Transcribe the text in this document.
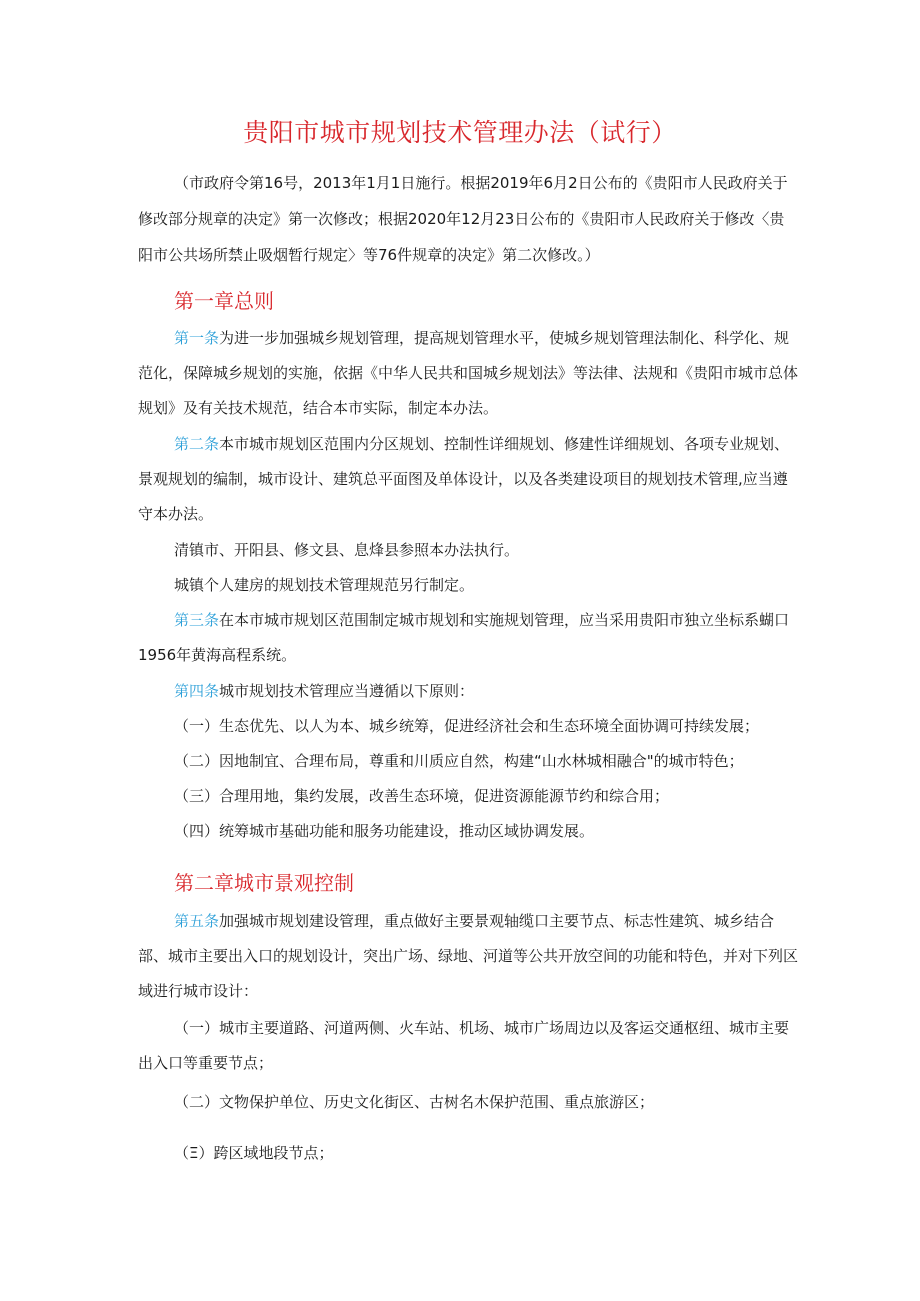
贵阳市城市规划技术管理办法（试行）
（市政府令第16号，2013年1月1日施行。根据2019年6月2日公布的《贵阳市人民政府关于修改部分规章的决定》第一次修改；根据2020年12月23日公布的《贵阳市人民政府关于修改〈贵阳市公共场所禁止吸烟暂行规定〉等76件规章的决定》第二次修改。）
第一章总则
第一条为进一步加强城乡规划管理，提高规划管理水平，使城乡规划管理法制化、科学化、规范化，保障城乡规划的实施，依据《中华人民共和国城乡规划法》等法律、法规和《贵阳市城市总体规划》及有关技术规范，结合本市实际，制定本办法。
第二条本市城市规划区范围内分区规划、控制性详细规划、修建性详细规划、各项专业规划、景观规划的编制，城市设计、建筑总平面图及单体设计，以及各类建设项目的规划技术管理,应当遵守本办法。
清镇市、开阳县、修文县、息烽县参照本办法执行。
城镇个人建房的规划技术管理规范另行制定。
第三条在本市城市规划区范围制定城市规划和实施规划管理，应当采用贵阳市独立坐标系蝴口1956年黄海高程系统。
第四条城市规划技术管理应当遵循以下原则：
（一）生态优先、以人为本、城乡统筹，促进经济社会和生态环境全面协调可持续发展；
（二）因地制宜、合理布局，尊重和川质应自然，构建“山水林城相融合"的城市特色；
（三）合理用地，集约发展，改善生态环境，促进资源能源节约和综合用；
（四）统筹城市基础功能和服务功能建设，推动区域协调发展。
第二章城市景观控制
第五条加强城市规划建设管理，重点做好主要景观轴缆口主要节点、标志性建筑、城乡结合部、城市主要出入口的规划设计，突出广场、绿地、河道等公共开放空间的功能和特色，并对下列区域进行城市设计：
（一）城市主要道路、河道两侧、火车站、机场、城市广场周边以及客运交通枢纽、城市主要出入口等重要节点；
（二）文物保护单位、历史文化街区、古树名木保护范围、重点旅游区；
（Ξ）跨区域地段节点；
